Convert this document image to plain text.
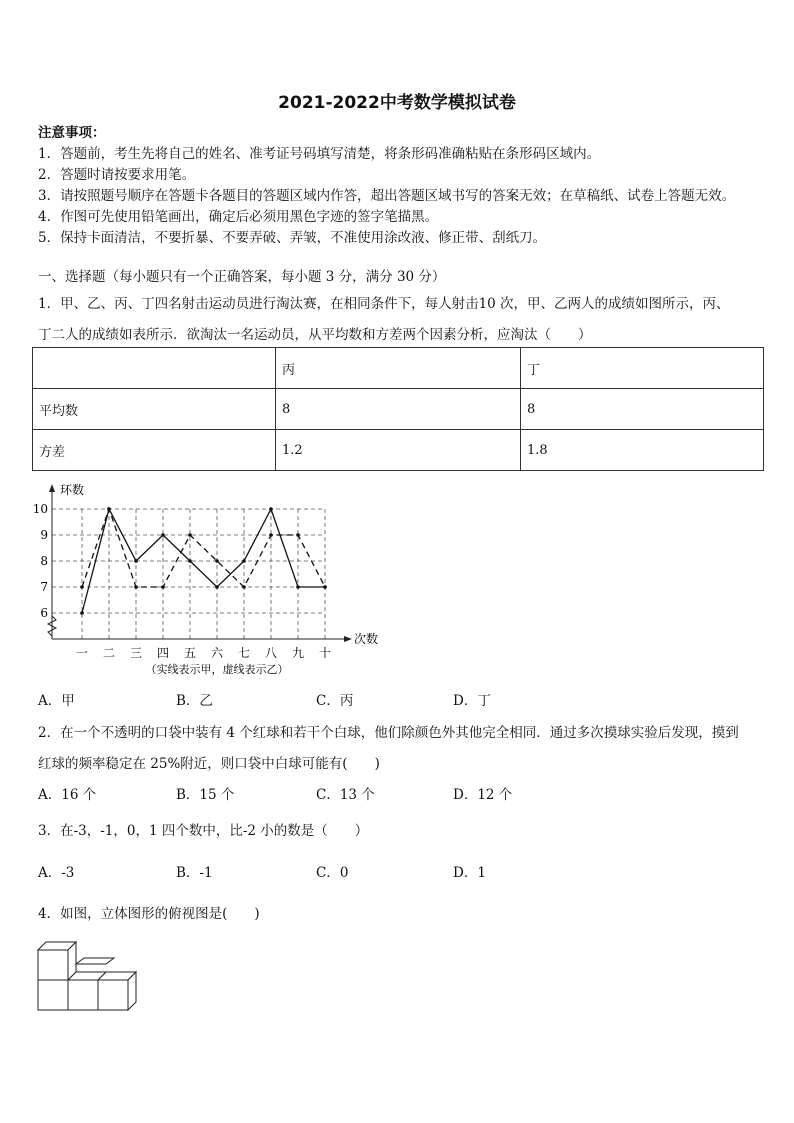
2021-2022中考数学模拟试卷
注意事项：
1．答题前，考生先将自己的姓名、准考证号码填写清楚，将条形码准确粘贴在条形码区域内。
2．答题时请按要求用笔。
3．请按照题号顺序在答题卡各题目的答题区域内作答，超出答题区域书写的答案无效；在草稿纸、试卷上答题无效。
4．作图可先使用铅笔画出，确定后必须用黑色字迹的签字笔描黑。
5．保持卡面清洁，不要折暴、不要弄破、弄皱，不准使用涂改液、修正带、刮纸刀。
一、选择题（每小题只有一个正确答案，每小题 3 分，满分 30 分）
1．甲、乙、丙、丁四名射击运动员进行淘汰赛，在相同条件下，每人射击10 次，甲、乙两人的成绩如图所示，丙、
丁二人的成绩如表所示．欲淘汰一名运动员，从平均数和方差两个因素分析，应淘汰（　　）
	丙	丁
平均数	8	8
方差	1.2	1.8
环数
次数
6
7
8
9
10
一 二 三 四 五 六 七 八 九 十
（实线表示甲，虚线表示乙）
A．甲	B．乙	C．丙	D．丁
2．在一个不透明的口袋中装有 4 个红球和若干个白球，他们除颜色外其他完全相同．通过多次摸球实验后发现，摸到
红球的频率稳定在 25%附近，则口袋中白球可能有(　　)
A．16 个	B．15 个	C．13 个	D．12 个
3．在-3，-1，0，1 四个数中，比-2 小的数是（　　）
A．-3	B．-1	C．0	D．1
4．如图，立体图形的俯视图是(　　)
